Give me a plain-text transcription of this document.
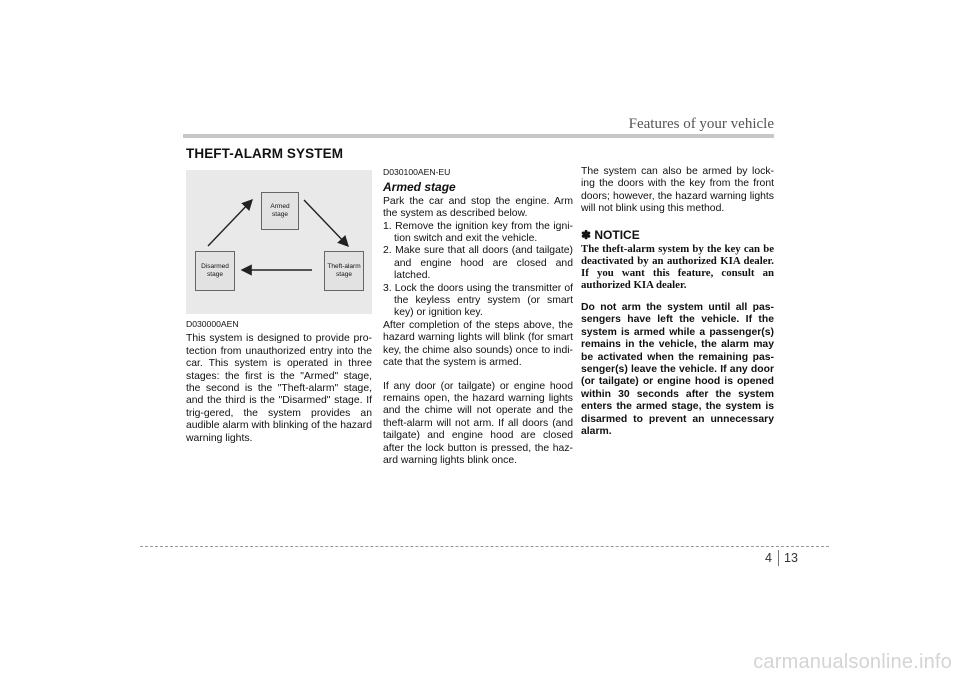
Features of your vehicle
THEFT-ALARM SYSTEM
Armed
stage
Disarmed
stage
Theft-alarm
stage
D030000AEN

This system is designed to provide pro-tection from unauthorized entry into the car. This system is operated in three stages: the first is the "Armed" stage, the second is the "Theft-alarm" stage, and the third is the "Disarmed" stage. If trig-gered, the system provides an audible alarm with blinking of the hazard warning lights.

D030100AEN-EU
Armed stage

Park the car and stop the engine. Arm the system as described below.

1. Remove the ignition key from the igni-tion switch and exit the vehicle.
2. Make sure that all doors (and tailgate) and engine hood are closed and latched.
3. Lock the doors using the transmitter of the keyless entry system (or smart key) or ignition key.

After completion of the steps above, the hazard warning lights will blink (for smart key, the chime also sounds) once to indi-cate that the system is armed.

If any door (or tailgate) or engine hood remains open, the hazard warning lights and the chime will not operate and the theft-alarm will not arm. If all doors (and tailgate) and engine hood are closed after the lock button is pressed, the haz-ard warning lights blink once.

The system can also be armed by lock-ing the doors with the key from the front doors; however, the hazard warning lights will not blink using this method.

✽ NOTICE

The theft-alarm system by the key can be deactivated by an authorized KIA dealer. If you want this feature, consult an authorized KIA dealer.

Do not arm the system until all pas-sengers have left the vehicle. If the system is armed while a passenger(s) remains in the vehicle, the alarm may be activated when the remaining pas-senger(s) leave the vehicle. If any door (or tailgate) or engine hood is opened within 30 seconds after the system enters the armed stage, the system is disarmed to prevent an unnecessary alarm.

4 13
carmanualsonline.info
